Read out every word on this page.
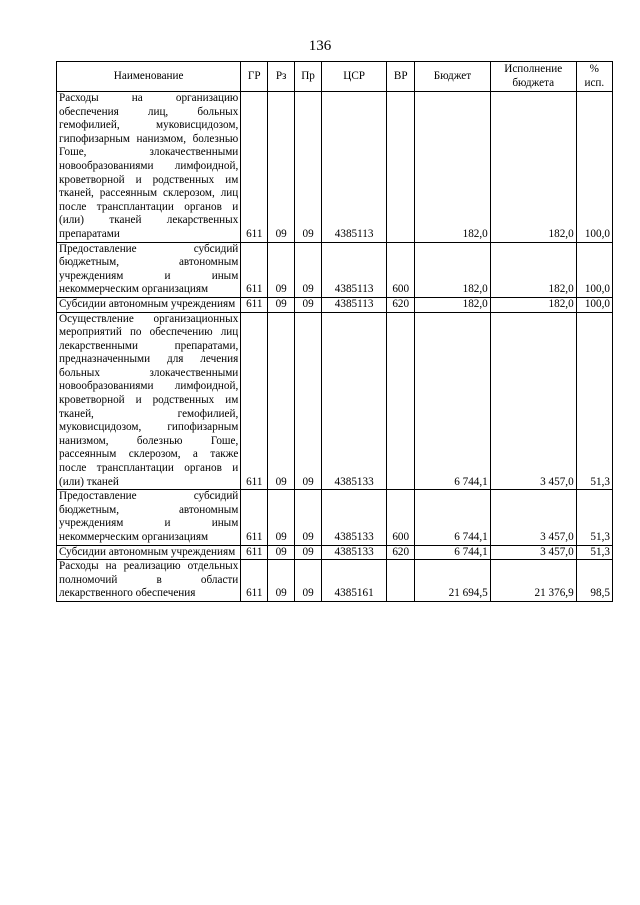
136
Наименование	ГР	Рз	Пр	ЦСР	ВР	Бюджет	Исполнение бюджета	% исп.
Расходы на организацию обеспечения лиц, больных гемофилией, муковисцидозом, гипофизарным нанизмом, болезнью Гоше, злокачественными новообразованиями лимфоидной, кроветворной и родственных им тканей, рассеянным склерозом, лиц после трансплантации органов и (или) тканей лекарственных препаратами	611	09	09	4385113		182,0	182,0	100,0
Предоставление субсидий бюджетным, автономным учреждениям и иным некоммерческим организациям	611	09	09	4385113	600	182,0	182,0	100,0
Субсидии автономным учреждениям	611	09	09	4385113	620	182,0	182,0	100,0
Осуществление организационных мероприятий по обеспечению лиц лекарственными препаратами, предназначенными для лечения больных злокачественными новообразованиями лимфоидной, кроветворной и родственных им тканей, гемофилией, муковисцидозом, гипофизарным нанизмом, болезнью Гоше, рассеянным склерозом, а также после трансплантации органов и (или) тканей	611	09	09	4385133		6 744,1	3 457,0	51,3
Предоставление субсидий бюджетным, автономным учреждениям и иным некоммерческим организациям	611	09	09	4385133	600	6 744,1	3 457,0	51,3
Субсидии автономным учреждениям	611	09	09	4385133	620	6 744,1	3 457,0	51,3
Расходы на реализацию отдельных полномочий в области лекарственного обеспечения	611	09	09	4385161		21 694,5	21 376,9	98,5
